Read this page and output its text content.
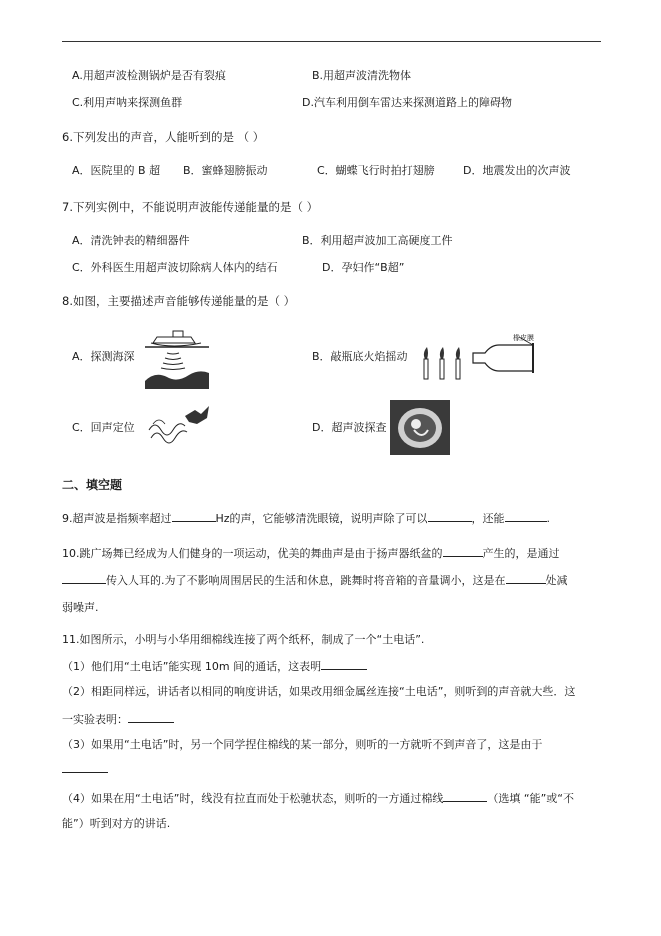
A.用超声波检测锅炉是否有裂痕	B.用超声波清洗物体
C.利用声呐来探测鱼群	D.汽车利用倒车雷达来探测道路上的障碍物
6.下列发出的声音，人能听到的是 （ ）
A．医院里的 B 超 B．蜜蜂翅膀振动	C．蝴蝶飞行时拍打翅膀	D．地震发出的次声波
7.下列实例中，不能说明声波能传递能量的是（ ）
A．清洗钟表的精细器件	B．利用超声波加工高硬度工件
C．外科医生用超声波切除病人体内的结石	D．孕妇作“B超”
8.如图，主要描述声音能够传递能量的是（ ）
A．探测海深	B．敲瓶底火焰摇动
橡皮膜
C．回声定位	D．超声波探查
二、填空题
9.超声波是指频率超过	Hz的声，它能够清洗眼镜，说明声除了可以	，还能	.
10.跳广场舞已经成为人们健身的一项运动，优美的舞曲声是由于扬声器纸盆的	产生的，是通过
传入人耳的.为了不影响周围居民的生活和休息，跳舞时将音箱的音量调小，这是在	处减
弱噪声.
11.如图所示，小明与小华用细棉线连接了两个纸杯，制成了一个“土电话”.
（1）他们用“土电话”能实现 10m 间的通话，这表明
（2）相距同样远，讲话者以相同的响度讲话，如果改用细金属丝连接“土电话”，则听到的声音就大些．这
一实验表明：
（3）如果用“土电话”时，另一个同学捏住棉线的某一部分，则听的一方就听不到声音了，这是由于
（4）如果在用“土电话”时，线没有拉直而处于松驰状态，则听的一方通过棉线	（选填 “能”或“不
能”）听到对方的讲话.
